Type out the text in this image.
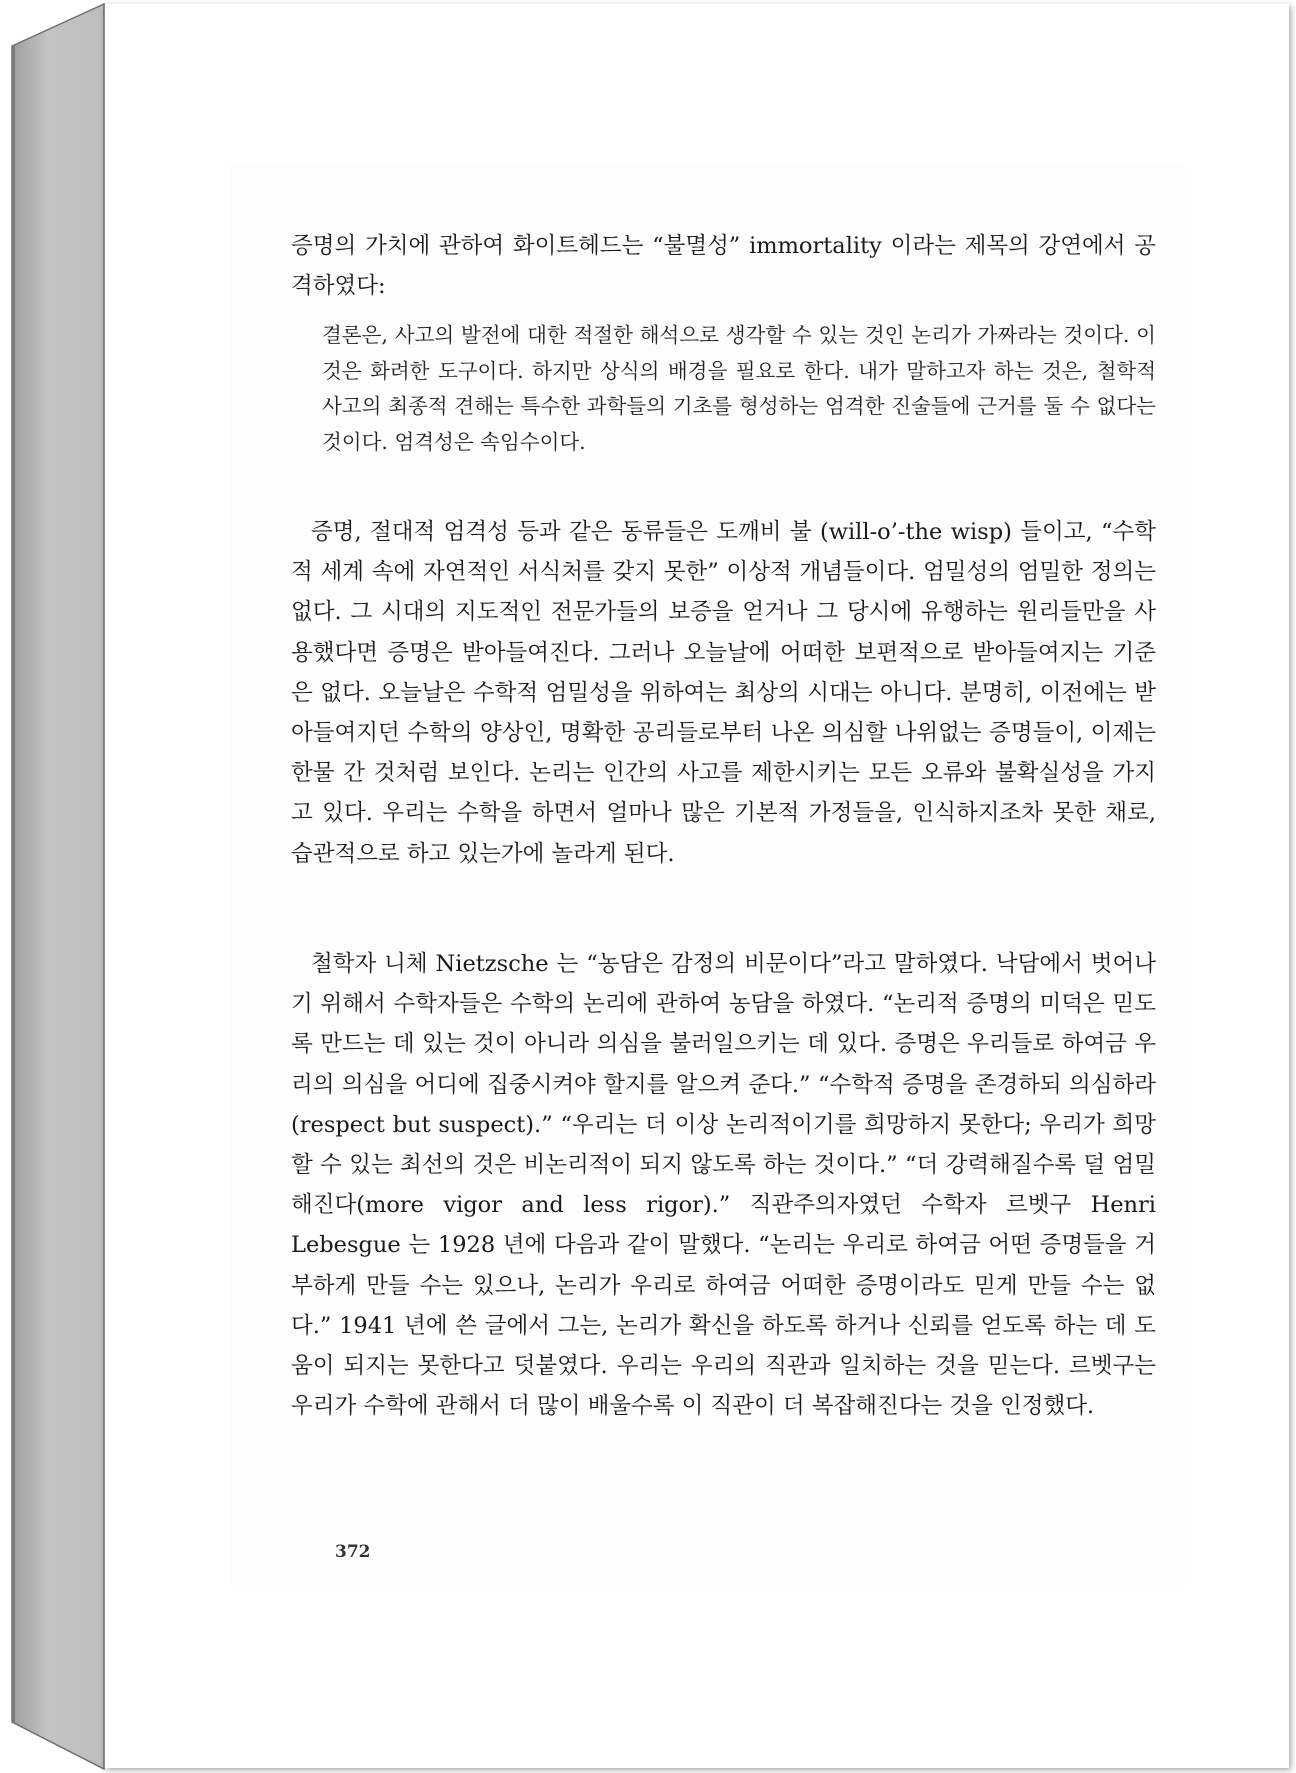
증명의 가치에 관하여 화이트헤드는 “불멸성” immortality 이라는 제목의 강연에서 공격하였다:
결론은, 사고의 발전에 대한 적절한 해석으로 생각할 수 있는 것인 논리가 가짜라는 것이다. 이것은 화려한 도구이다. 하지만 상식의 배경을 필요로 한다. 내가 말하고자 하는 것은, 철학적 사고의 최종적 견해는 특수한 과학들의 기초를 형성하는 엄격한 진술들에 근거를 둘 수 없다는 것이다. 엄격성은 속임수이다.
증명, 절대적 엄격성 등과 같은 동류들은 도깨비 불 (will-o’-the wisp) 들이고, “수학적 세계 속에 자연적인 서식처를 갖지 못한” 이상적 개념들이다. 엄밀성의 엄밀한 정의는 없다. 그 시대의 지도적인 전문가들의 보증을 얻거나 그 당시에 유행하는 원리들만을 사용했다면 증명은 받아들여진다. 그러나 오늘날에 어떠한 보편적으로 받아들여지는 기준은 없다. 오늘날은 수학적 엄밀성을 위하여는 최상의 시대는 아니다. 분명히, 이전에는 받아들여지던 수학의 양상인, 명확한 공리들로부터 나온 의심할 나위없는 증명들이, 이제는 한물 간 것처럼 보인다. 논리는 인간의 사고를 제한시키는 모든 오류와 불확실성을 가지고 있다. 우리는 수학을 하면서 얼마나 많은 기본적 가정들을, 인식하지조차 못한 채로, 습관적으로 하고 있는가에 놀라게 된다.
철학자 니체 Nietzsche 는 “농담은 감정의 비문이다”라고 말하였다. 낙담에서 벗어나기 위해서 수학자들은 수학의 논리에 관하여 농담을 하였다. “논리적 증명의 미덕은 믿도록 만드는 데 있는 것이 아니라 의심을 불러일으키는 데 있다. 증명은 우리들로 하여금 우리의 의심을 어디에 집중시켜야 할지를 알으켜 준다.” “수학적 증명을 존경하되 의심하라 (respect but suspect).” “우리는 더 이상 논리적이기를 희망하지 못한다; 우리가 희망할 수 있는 최선의 것은 비논리적이 되지 않도록 하는 것이다.” “더 강력해질수록 덜 엄밀해진다(more vigor and less rigor).” 직관주의자였던 수학자 르벳구 Henri Lebesgue 는 1928 년에 다음과 같이 말했다. “논리는 우리로 하여금 어떤 증명들을 거부하게 만들 수는 있으나, 논리가 우리로 하여금 어떠한 증명이라도 믿게 만들 수는 없다.” 1941 년에 쓴 글에서 그는, 논리가 확신을 하도록 하거나 신뢰를 얻도록 하는 데 도움이 되지는 못한다고 덧붙였다. 우리는 우리의 직관과 일치하는 것을 믿는다. 르벳구는 우리가 수학에 관해서 더 많이 배울수록 이 직관이 더 복잡해진다는 것을 인정했다.
372
